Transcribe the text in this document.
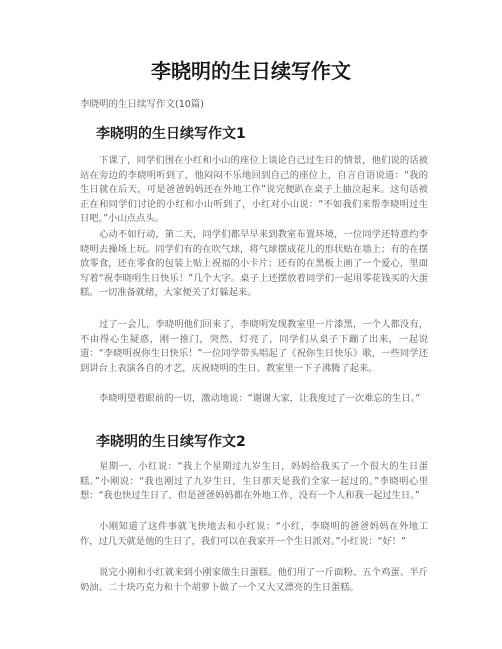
李晓明的生日续写作文
李晓明的生日续写作文(10篇)
李晓明的生日续写作文1
下课了，同学们围在小红和小山的座位上谈论自己过生日的情景，他们说的话被站在旁边的李晓明听到了，他闷闷不乐地回到自己的座位上，自言自语说道：“我的生日就在后天，可是爸爸妈妈还在外地工作”说完便趴在桌子上抽泣起来。这句话被正在和同学们讨论的小红和小山听到了，小红对小山说：“不如我们来帮李晓明过生日吧。”小山点点头。
心动不如行动，第二天，同学们都早早来到教室布置环境，一位同学还特意约李晓明去操场上玩。同学们有的在吹气球，将气球摆成花儿的形状贴在墙上；有的在摆放零食，还在零食的包装上贴上祝福的小卡片；还有的在黑板上画了一个爱心，里面写着“祝李晓明生日快乐！”几个大字。桌子上还摆放着同学们一起用零花钱买的大蛋糕。一切准备就绪，大家便关了灯躲起来。
过了一会儿，李晓明他们回来了，李晓明发现教室里一片漆黑，一个人都没有，不由得心生疑惑，刚一推门，突然，灯亮了，同学们从桌子下蹦了出来，一起说道：“李晓明祝你生日快乐！”一位同学带头唱起了《祝你生日快乐》歌，一些同学还到讲台上表演各自的才艺，庆祝晓明的生日。教室里一下子沸腾了起来。
李晓明望着眼前的一切，激动地说：“谢谢大家，让我度过了一次难忘的生日。”
李晓明的生日续写作文2
星期一，小红说：“我上个星期过九岁生日，妈妈给我买了一个很大的生日蛋糕。”小刚说：“我也刚过了九岁生日，生日那天是我们全家一起过的。”李晓明心里想：“我也快过生日了，但是爸爸妈妈都在外地工作，没有一个人和我一起过生日。”
小刚知道了这件事就飞快地去和小红说：“小红，李晓明的爸爸妈妈在外地工作，过几天就是他的生日了，我们可以在我家开一个生日派对。”小红说：“好！”
说完小刚和小红就来到小刚家做生日蛋糕。他们用了一斤面粉、五个鸡蛋、半斤奶油、二十块巧克力和十个胡萝卜做了一个又大又漂亮的生日蛋糕。
